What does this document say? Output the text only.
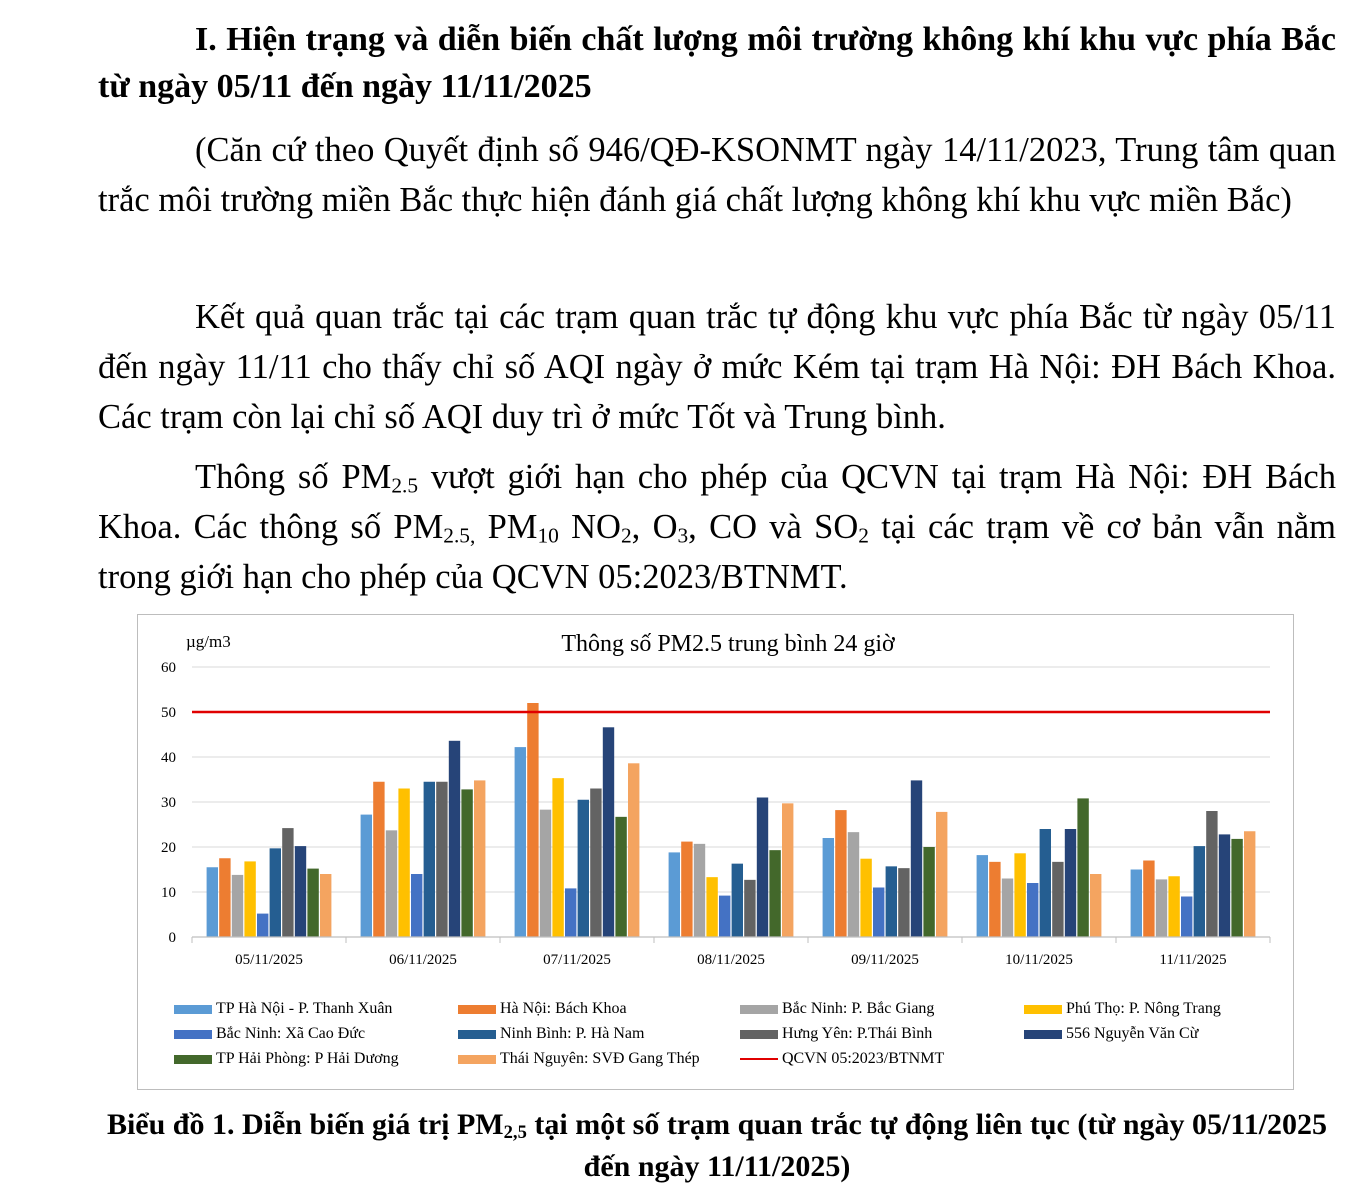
I. Hiện trạng và diễn biến chất lượng môi trường không khí khu vực phía Bắc từ ngày 05/11 đến ngày 11/11/2025

(Căn cứ theo Quyết định số 946/QĐ-KSONMT ngày 14/11/2023, Trung tâm quan trắc môi trường miền Bắc thực hiện đánh giá chất lượng không khí khu vực miền Bắc)

Kết quả quan trắc tại các trạm quan trắc tự động khu vực phía Bắc từ ngày 05/11 đến ngày 11/11 cho thấy chỉ số AQI ngày ở mức Kém tại trạm Hà Nội: ĐH Bách Khoa. Các trạm còn lại chỉ số AQI duy trì ở mức Tốt và Trung bình.

Thông số $PM_{2.5}$ vượt giới hạn cho phép của QCVN tại trạm Hà Nội: ĐH Bách Khoa. Các thông số $PM_{2.5,}$ $PM_{10}$ $NO_2$, $O_3$, CO và $SO_2$ tại các trạm về cơ bản vẫn nằm trong giới hạn cho phép của QCVN 05:2023/BTNMT.

Thông số PM2.5 trung bình 24 giờ
µg/m3
0
10
20
30
40
50
60
05/11/2025	06/11/2025	07/11/2025	08/11/2025	09/11/2025	10/11/2025	11/11/2025
TP Hà Nội - P. Thanh Xuân	Hà Nội: Bách Khoa	Bắc Ninh: P. Bắc Giang	Phú Thọ: P. Nông Trang
Bắc Ninh: Xã Cao Đức	Ninh Bình: P. Hà Nam	Hưng Yên: P.Thái Bình	556 Nguyễn Văn Cừ
TP Hải Phòng: P Hải Dương	Thái Nguyên: SVĐ Gang Thép	QCVN 05:2023/BTNMT

Biểu đồ 1. Diễn biến giá trị $PM_{2,5}$ tại một số trạm quan trắc tự động liên tục (từ ngày 05/11/2025 đến ngày 11/11/2025)
